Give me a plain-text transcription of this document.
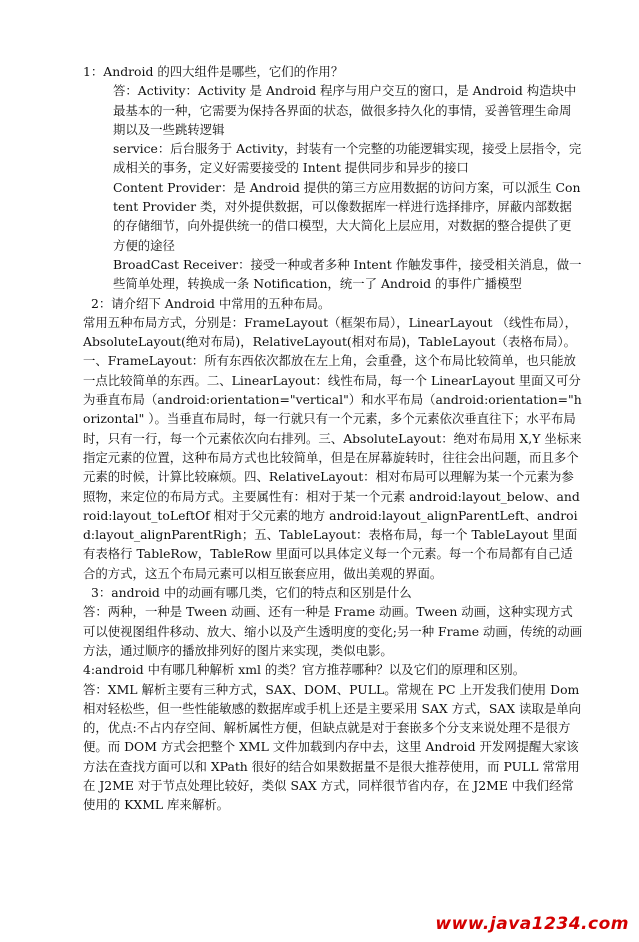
1：Android 的四大组件是哪些，它们的作用？

答：Activity：Activity 是 Android 程序与用户交互的窗口，是 Android 构造块中最基本的一种，它需要为保持各界面的状态，做很多持久化的事情，妥善管理生命周期以及一些跳转逻辑

service：后台服务于 Activity，封装有一个完整的功能逻辑实现，接受上层指令，完成相关的事务，定义好需要接受的 Intent 提供同步和异步的接口

Content Provider：是 Android 提供的第三方应用数据的访问方案，可以派生 Content Provider 类，对外提供数据，可以像数据库一样进行选择排序，屏蔽内部数据的存储细节，向外提供统一的借口模型，大大简化上层应用，对数据的整合提供了更方便的途径

BroadCast Receiver：接受一种或者多种 Intent 作触发事件，接受相关消息，做一些简单处理，转换成一条 Notification，统一了 Android 的事件广播模型

2：请介绍下 Android 中常用的五种布局。

常用五种布局方式，分别是：FrameLayout（框架布局），LinearLayout （线性布局），AbsoluteLayout(绝对布局)，RelativeLayout(相对布局)，TableLayout（表格布局）。

一、FrameLayout：所有东西依次都放在左上角，会重叠，这个布局比较简单，也只能放一点比较简单的东西。二、LinearLayout：线性布局，每一个 LinearLayout 里面又可分为垂直布局（android:orientation="vertical"）和水平布局（android:orientation="horizontal" ）。当垂直布局时，每一行就只有一个元素，多个元素依次垂直往下；水平布局时，只有一行，每一个元素依次向右排列。三、AbsoluteLayout：绝对布局用 X,Y 坐标来指定元素的位置，这种布局方式也比较简单，但是在屏幕旋转时，往往会出问题，而且多个元素的时候，计算比较麻烦。四、RelativeLayout：相对布局可以理解为某一个元素为参照物，来定位的布局方式。主要属性有：相对于某一个元素 android:layout_below、android:layout_toLeftOf 相对于父元素的地方 android:layout_alignParentLeft、android:layout_alignParentRigh；五、TableLayout：表格布局，每一个 TableLayout 里面有表格行 TableRow，TableRow 里面可以具体定义每一个元素。每一个布局都有自己适合的方式，这五个布局元素可以相互嵌套应用，做出美观的界面。

3：android 中的动画有哪几类，它们的特点和区别是什么

答：两种，一种是 Tween 动画、还有一种是 Frame 动画。Tween 动画，这种实现方式可以使视图组件移动、放大、缩小以及产生透明度的变化;另一种 Frame 动画，传统的动画方法，通过顺序的播放排列好的图片来实现，类似电影。

4:android 中有哪几种解析 xml 的类？官方推荐哪种？以及它们的原理和区别。

答：XML 解析主要有三种方式，SAX、DOM、PULL。常规在 PC 上开发我们使用 Dom 相对轻松些，但一些性能敏感的数据库或手机上还是主要采用 SAX 方式，SAX 读取是单向的，优点:不占内存空间、解析属性方便，但缺点就是对于套嵌多个分支来说处理不是很方便。而 DOM 方式会把整个 XML 文件加载到内存中去，这里 Android 开发网提醒大家该方法在查找方面可以和 XPath 很好的结合如果数据量不是很大推荐使用，而 PULL 常常用在 J2ME 对于节点处理比较好，类似 SAX 方式，同样很节省内存，在 J2ME 中我们经常使用的 KXML 库来解析。

www.java1234.com
